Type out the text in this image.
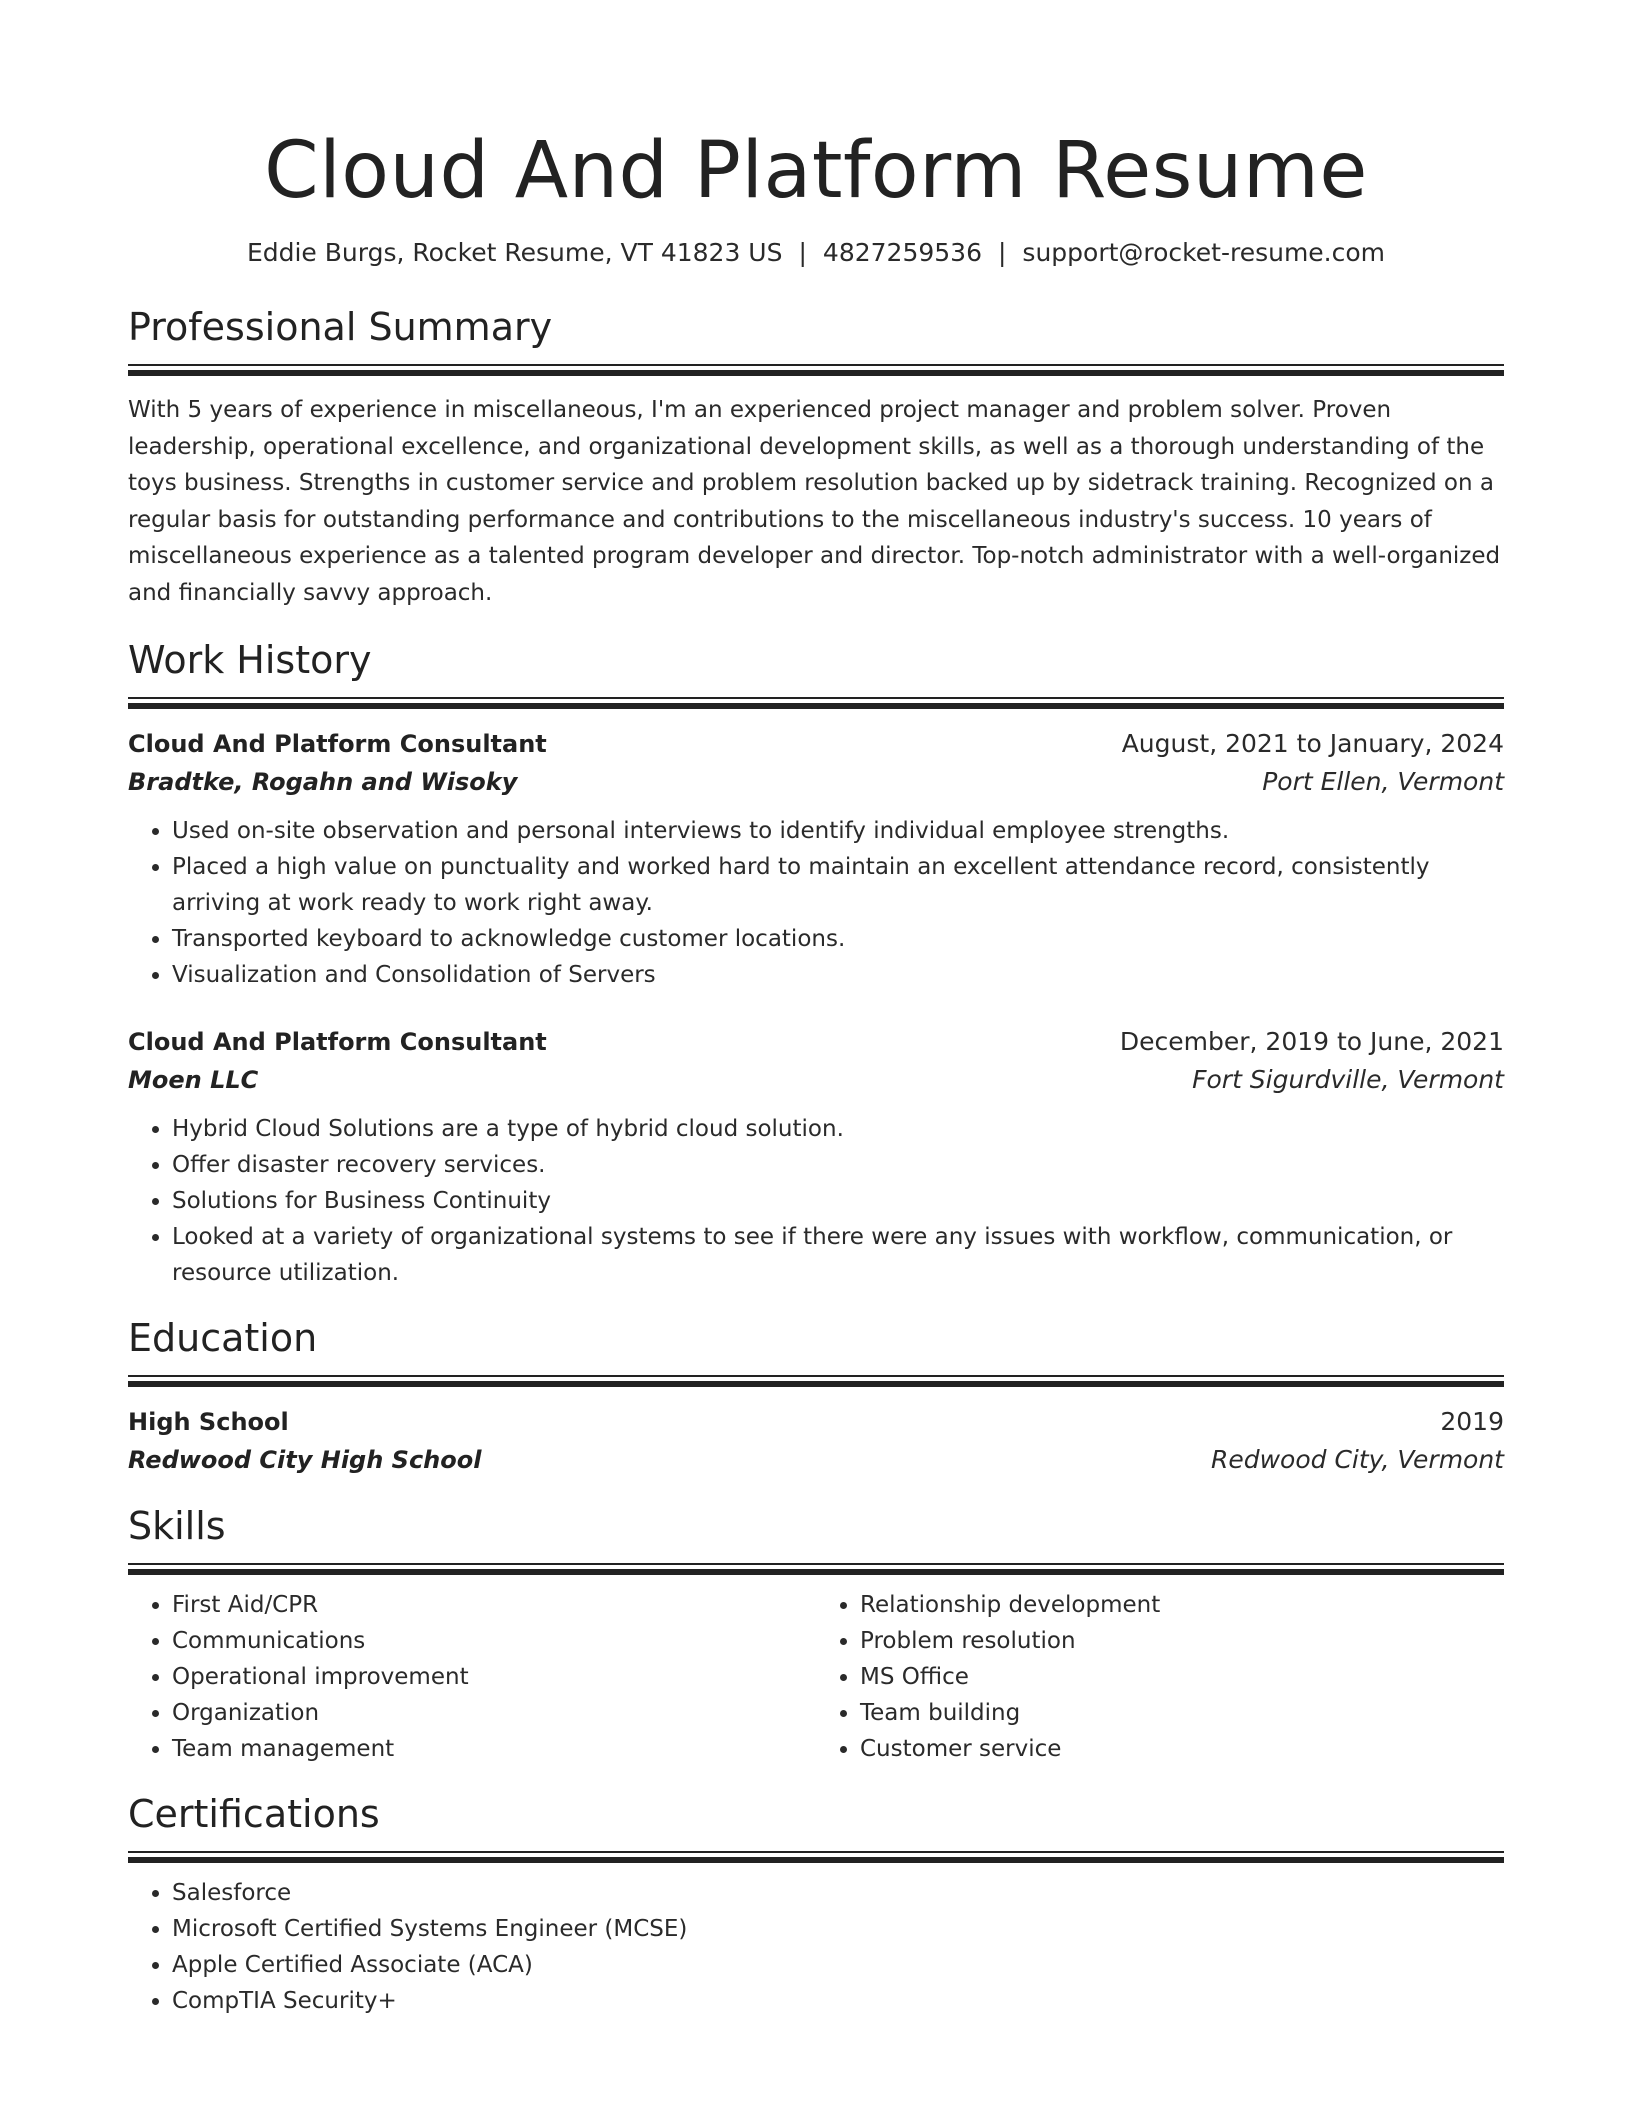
Cloud And Platform Resume
Eddie Burgs, Rocket Resume, VT 41823 US | 4827259536 | support@rocket-resume.com
Professional Summary

With 5 years of experience in miscellaneous, I'm an experienced project manager and problem solver. Proven leadership, operational excellence, and organizational development skills, as well as a thorough understanding of the toys business. Strengths in customer service and problem resolution backed up by sidetrack training. Recognized on a regular basis for outstanding performance and contributions to the miscellaneous industry's success. 10 years of miscellaneous experience as a talented program developer and director. Top-notch administrator with a well-organized and financially savvy approach.

Work History
Cloud And Platform Consultant	August, 2021 to January, 2024
Bradtke, Rogahn and Wisoky	Port Ellen, Vermont
• Used on-site observation and personal interviews to identify individual employee strengths.
• Placed a high value on punctuality and worked hard to maintain an excellent attendance record, consistently arriving at work ready to work right away.
• Transported keyboard to acknowledge customer locations.
• Visualization and Consolidation of Servers
Cloud And Platform Consultant	December, 2019 to June, 2021
Moen LLC	Fort Sigurdville, Vermont
• Hybrid Cloud Solutions are a type of hybrid cloud solution.
• Offer disaster recovery services.
• Solutions for Business Continuity
• Looked at a variety of organizational systems to see if there were any issues with workflow, communication, or resource utilization.
Education
High School	2019
Redwood City High School	Redwood City, Vermont
Skills
• First Aid/CPR
• Communications
• Operational improvement
• Organization
• Team management
• Relationship development
• Problem resolution
• MS Office
• Team building
• Customer service
Certifications
• Salesforce
• Microsoft Certified Systems Engineer (MCSE)
• Apple Certified Associate (ACA)
• CompTIA Security+
